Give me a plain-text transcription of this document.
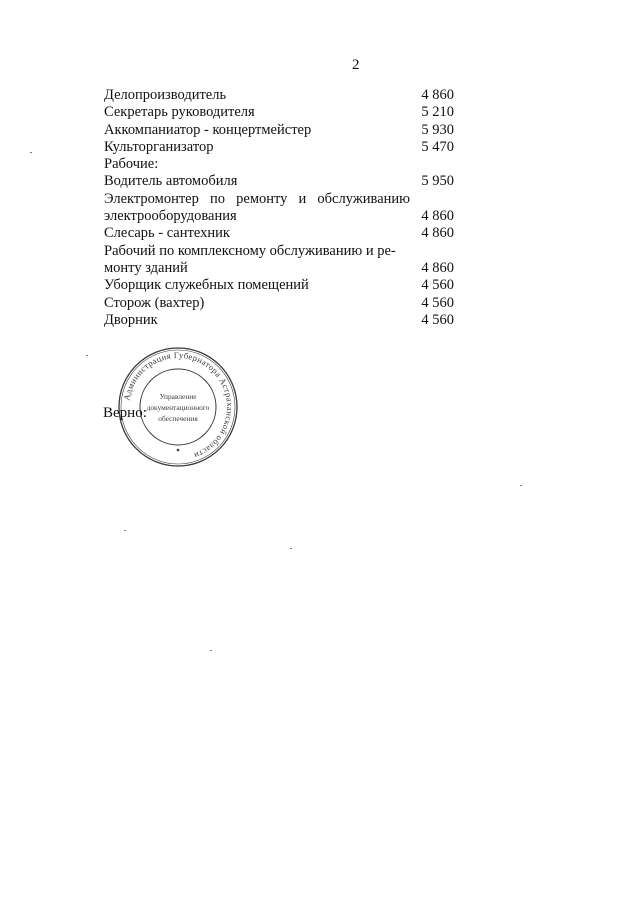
2
Делопроизводитель	4 860
Секретарь руководителя	5 210
Аккомпаниатор - концертмейстер	5 930
Культорганизатор	5 470
Рабочие:
Водитель автомобиля	5 950
Электромонтер по ремонту и обслуживанию
электрооборудования	4 860
Слесарь - сантехник	4 860
Рабочий по комплексному обслуживанию и ре-
монту зданий	4 860
Уборщик служебных помещений	4 560
Сторож (вахтер)	4 560
Дворник	4 560
Администрация Губернатора Астраханской области
Управление
документационного
обеспечения
Верно:
